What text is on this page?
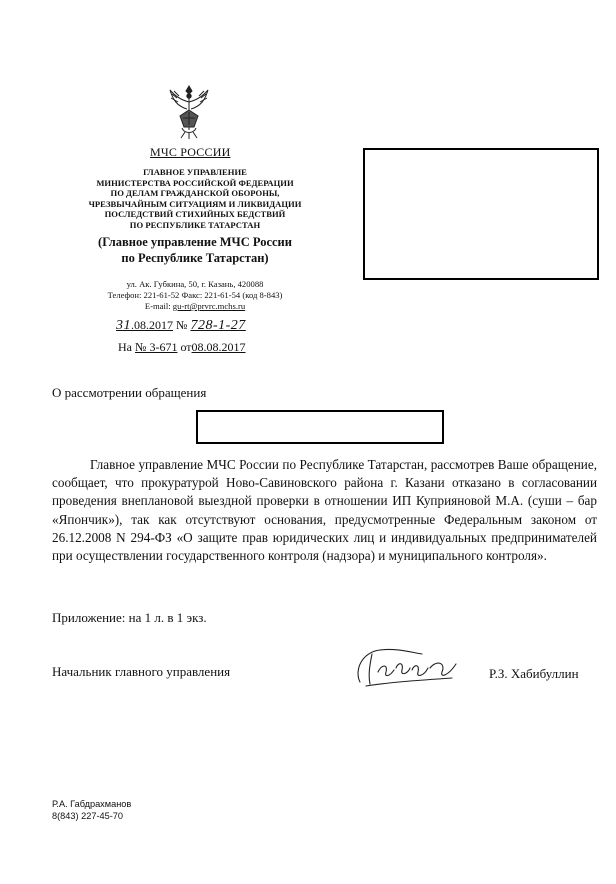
МЧС РОССИИ
ГЛАВНОЕ УПРАВЛЕНИЕ
МИНИСТЕРСТВА РОССИЙСКОЙ ФЕДЕРАЦИИ
ПО ДЕЛАМ ГРАЖДАНСКОЙ ОБОРОНЫ,
ЧРЕЗВЫЧАЙНЫМ СИТУАЦИЯМ И ЛИКВИДАЦИИ
ПОСЛЕДСТВИЙ СТИХИЙНЫХ БЕДСТВИЙ
ПО РЕСПУБЛИКЕ ТАТАРСТАН
(Главное управление МЧС России
по Республике Татарстан)
ул. Ак. Губкина, 50, г. Казань, 420088
Телефон: 221-61-52 Факс: 221-61-54 (код 8-843)
E-mail: gu-rt@prvrc.mchs.ru
31.08.2017 № 728-1-27
На № 3-671 от08.08.2017
О рассмотрении обращения
Главное управление МЧС России по Республике Татарстан, рассмотрев Ваше обращение, сообщает, что прокуратурой Ново-Савиновского района г. Казани отказано в согласовании проведения внеплановой выездной проверки в отношении ИП Куприяновой М.А. (суши – бар «Япончик»), так как отсутствуют основания, предусмотренные Федеральным законом от 26.12.2008 N 294-ФЗ «О защите прав юридических лиц и индивидуальных предпринимателей при осуществлении государственного контроля (надзора) и муниципального контроля».
Приложение: на 1 л. в 1 экз.
Начальник главного управления	Р.З. Хабибуллин
Р.А. Габдрахманов
8(843) 227-45-70
